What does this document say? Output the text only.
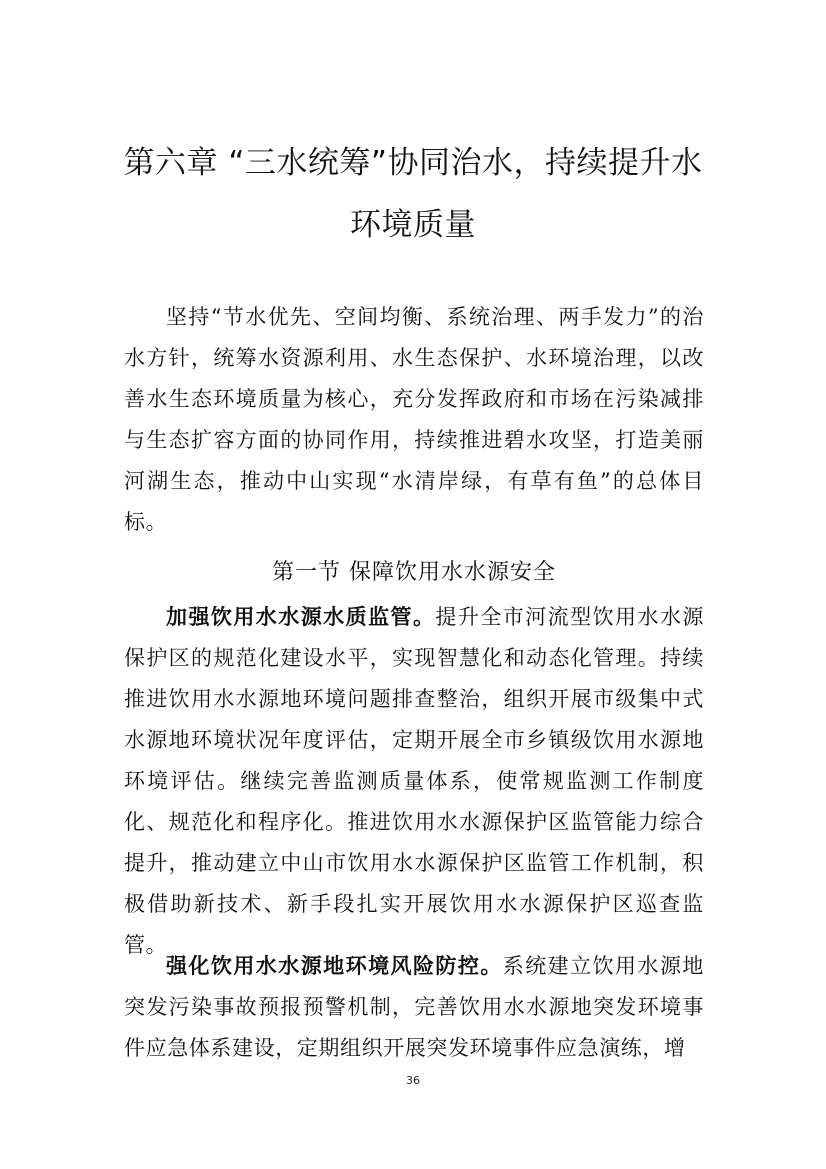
第六章 “三水统筹”协同治水，持续提升水环境质量

坚持“节水优先、空间均衡、系统治理、两手发力”的治水方针，统筹水资源利用、水生态保护、水环境治理，以改善水生态环境质量为核心，充分发挥政府和市场在污染减排与生态扩容方面的协同作用，持续推进碧水攻坚，打造美丽河湖生态，推动中山实现“水清岸绿，有草有鱼”的总体目标。

第一节 保障饮用水水源安全

加强饮用水水源水质监管。提升全市河流型饮用水水源保护区的规范化建设水平，实现智慧化和动态化管理。持续推进饮用水水源地环境问题排查整治，组织开展市级集中式水源地环境状况年度评估，定期开展全市乡镇级饮用水源地环境评估。继续完善监测质量体系，使常规监测工作制度化、规范化和程序化。推进饮用水水源保护区监管能力综合提升，推动建立中山市饮用水水源保护区监管工作机制，积极借助新技术、新手段扎实开展饮用水水源保护区巡查监管。

强化饮用水水源地环境风险防控。系统建立饮用水源地突发污染事故预报预警机制，完善饮用水水源地突发环境事件应急体系建设，定期组织开展突发环境事件应急演练，增

36
